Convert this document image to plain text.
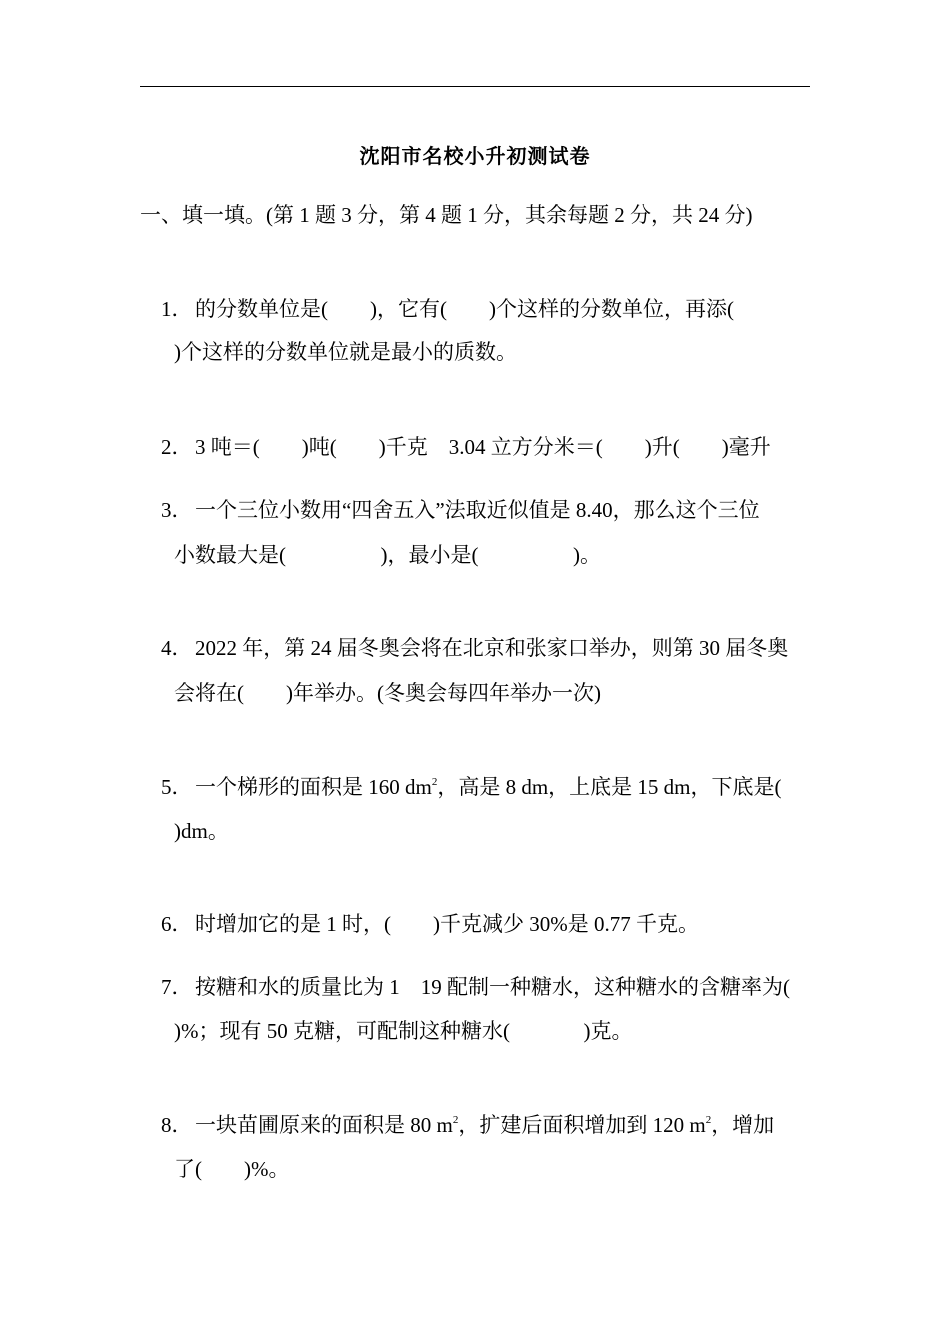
沈阳市名校小升初测试卷
一、填一填。(第 1 题 3 分，第 4 题 1 分，其余每题 2 分，共 24 分)

1． 的分数单位是(        )，它有(        )个这样的分数单位，再添(

)个这样的分数单位就是最小的质数。

2． 3 吨＝(        )吨(        )千克    3.04 立方分米＝(        )升(        )毫升

3． 一个三位小数用“四舍五入”法取近似值是 8.40，那么这个三位

小数最大是(                  )，最小是(                  )。

4． 2022 年，第 24 届冬奥会将在北京和张家口举办，则第 30 届冬奥

会将在(        )年举办。(冬奥会每四年举办一次)

5． 一个梯形的面积是 160 $dm^2$，高是 8 dm，上底是 15 dm，下底是(

)dm。

6． 时增加它的是 1 时，(        )千克减少 30%是 0.77 千克。

7． 按糖和水的质量比为 1    19 配制一种糖水，这种糖水的含糖率为(

)%；现有 50 克糖，可配制这种糖水(              )克。

8． 一块苗圃原来的面积是 80 $m^2$，扩建后面积增加到 120 $m^2$，增加

了(        )%。
